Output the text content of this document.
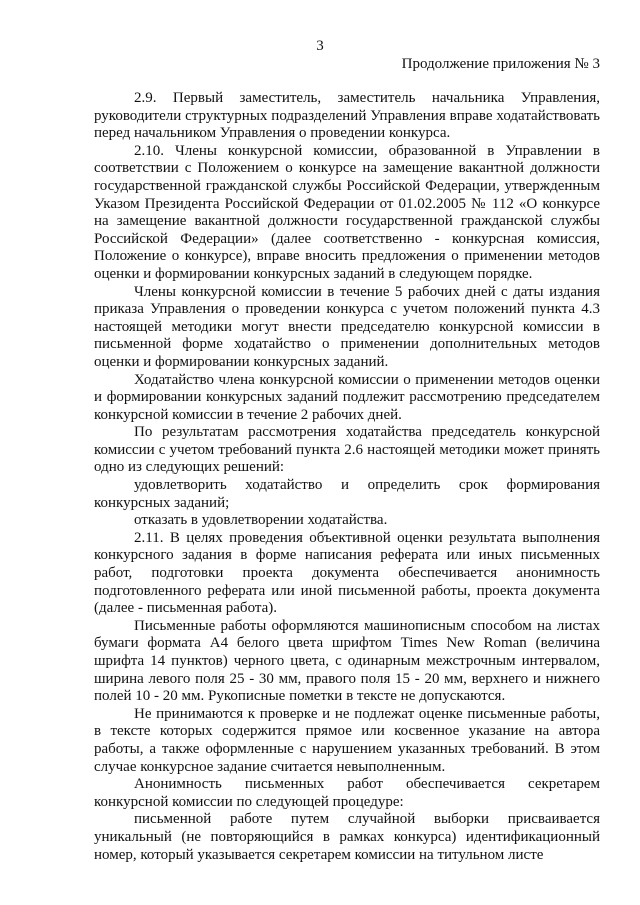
3
Продолжение приложения № 3

2.9. Первый заместитель, заместитель начальника Управления, руководители структурных подразделений Управления вправе ходатайствовать перед начальником Управления о проведении конкурса.

2.10. Члены конкурсной комиссии, образованной в Управлении в соответствии с Положением о конкурсе на замещение вакантной должности государственной гражданской службы Российской Федерации, утвержденным Указом Президента Российской Федерации от 01.02.2005 № 112 «О конкурсе на замещение вакантной должности государственной гражданской службы Российской Федерации» (далее соответственно - конкурсная комиссия, Положение о конкурсе), вправе вносить предложения о применении методов оценки и формировании конкурсных заданий в следующем порядке.

Члены конкурсной комиссии в течение 5 рабочих дней с даты издания приказа Управления о проведении конкурса с учетом положений пункта 4.3 настоящей методики могут внести председателю конкурсной комиссии в письменной форме ходатайство о применении дополнительных методов оценки и формировании конкурсных заданий.

Ходатайство члена конкурсной комиссии о применении методов оценки и формировании конкурсных заданий подлежит рассмотрению председателем конкурсной комиссии в течение 2 рабочих дней.

По результатам рассмотрения ходатайства председатель конкурсной комиссии с учетом требований пункта 2.6 настоящей методики может принять одно из следующих решений:

удовлетворить ходатайство и определить срок формирования конкурсных заданий;

отказать в удовлетворении ходатайства.

2.11. В целях проведения объективной оценки результата выполнения конкурсного задания в форме написания реферата или иных письменных работ, подготовки проекта документа обеспечивается анонимность подготовленного реферата или иной письменной работы, проекта документа (далее - письменная работа).

Письменные работы оформляются машинописным способом на листах бумаги формата А4 белого цвета шрифтом Times New Roman (величина шрифта 14 пунктов) черного цвета, с одинарным межстрочным интервалом, ширина левого поля 25 - 30 мм, правого поля 15 - 20 мм, верхнего и нижнего полей 10 - 20 мм. Рукописные пометки в тексте не допускаются.

Не принимаются к проверке и не подлежат оценке письменные работы, в тексте которых содержится прямое или косвенное указание на автора работы, а также оформленные с нарушением указанных требований. В этом случае конкурсное задание считается невыполненным.

Анонимность письменных работ обеспечивается секретарем конкурсной комиссии по следующей процедуре:

письменной работе путем случайной выборки присваивается уникальный (не повторяющийся в рамках конкурса) идентификационный номер, который указывается секретарем комиссии на титульном листе
